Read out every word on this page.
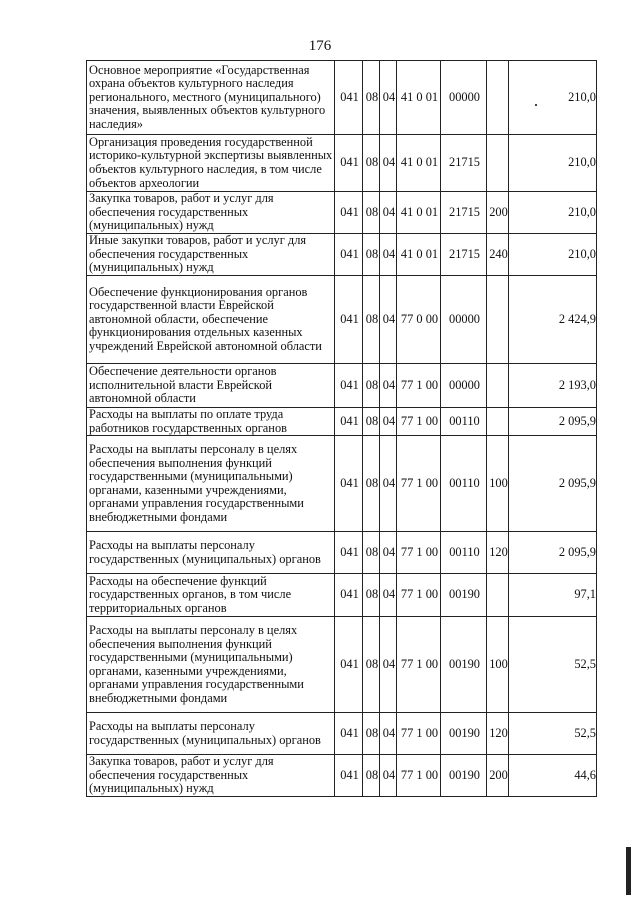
176
Основное мероприятие «Государственная охрана объектов культурного наследия регионального, местного (муниципального) значения, выявленных объектов культурного наследия»	041	08	04	41 0 01	00000		210,0
Организация проведения государственной историко-культурной экспертизы выявленных объектов культурного наследия, в том числе объектов археологии	041	08	04	41 0 01	21715		210,0
Закупка товаров, работ и услуг для обеспечения государственных (муниципальных) нужд	041	08	04	41 0 01	21715	200	210,0
Иные закупки товаров, работ и услуг для обеспечения государственных (муниципальных) нужд	041	08	04	41 0 01	21715	240	210,0
Обеспечение функционирования органов государственной власти Еврейской автономной области, обеспечение функционирования отдельных казенных учреждений Еврейской автономной области	041	08	04	77 0 00	00000		2 424,9
Обеспечение деятельности органов исполнительной власти Еврейской автономной области	041	08	04	77 1 00	00000		2 193,0
Расходы на выплаты по оплате труда работников государственных органов	041	08	04	77 1 00	00110		2 095,9
Расходы на выплаты персоналу в целях обеспечения выполнения функций государственными (муниципальными) органами, казенными учреждениями, органами управления государственными внебюджетными фондами	041	08	04	77 1 00	00110	100	2 095,9
Расходы на выплаты персоналу государственных (муниципальных) органов	041	08	04	77 1 00	00110	120	2 095,9
Расходы на обеспечение функций государственных органов, в том числе территориальных органов	041	08	04	77 1 00	00190		97,1
Расходы на выплаты персоналу в целях обеспечения выполнения функций государственными (муниципальными) органами, казенными учреждениями, органами управления государственными внебюджетными фондами	041	08	04	77 1 00	00190	100	52,5
Расходы на выплаты персоналу государственных (муниципальных) органов	041	08	04	77 1 00	00190	120	52,5
Закупка товаров, работ и услуг для обеспечения государственных (муниципальных) нужд	041	08	04	77 1 00	00190	200	44,6
